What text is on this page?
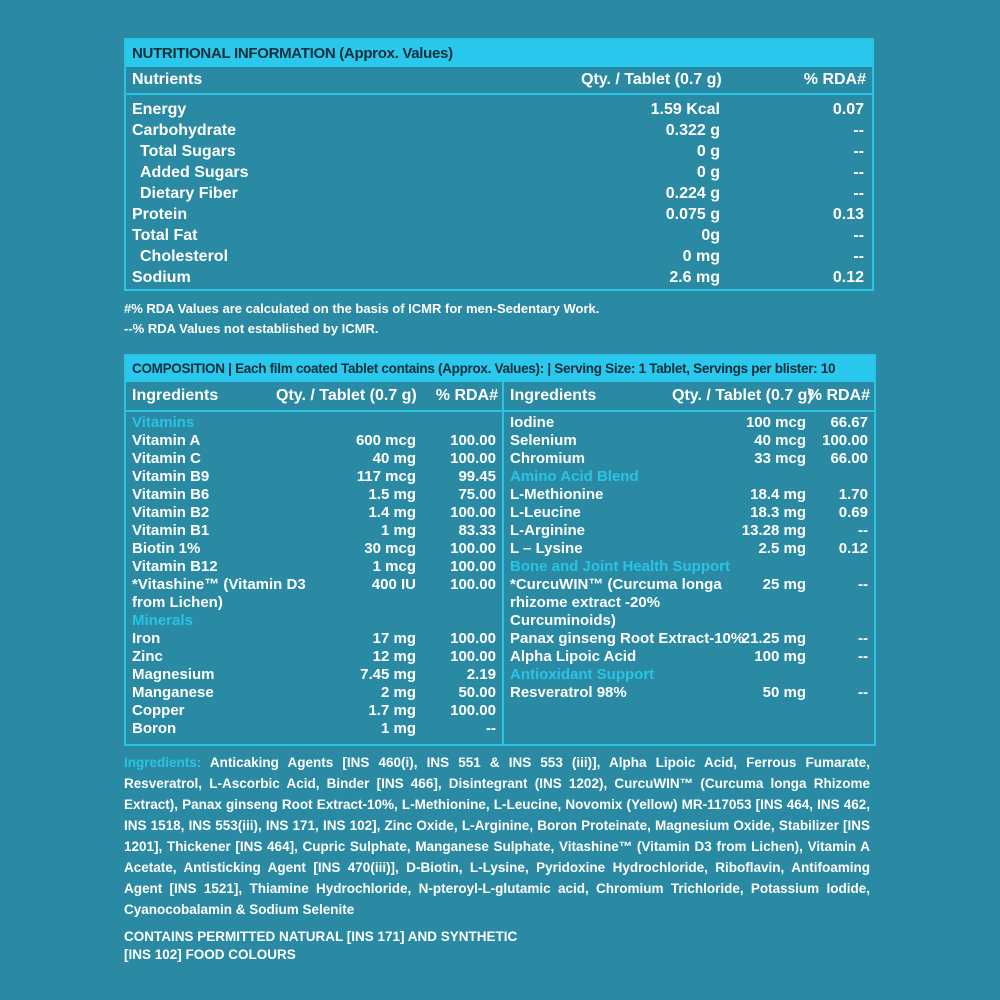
NUTRITIONAL INFORMATION (Approx. Values)
Nutrients	Qty. / Tablet (0.7 g)	% RDA#
Energy	1.59 Kcal	0.07
Carbohydrate	0.322 g	--
Total Sugars	0 g	--
Added Sugars	0 g	--
Dietary Fiber	0.224 g	--
Protein	0.075 g	0.13
Total Fat	0g	--
Cholesterol	0 mg	--
Sodium	2.6 mg	0.12
#% RDA Values are calculated on the basis of ICMR for men-Sedentary Work.
--% RDA Values not established by ICMR.
COMPOSITION | Each film coated Tablet contains (Approx. Values): | Serving Size: 1 Tablet, Servings per blister: 10
Ingredients	Qty. / Tablet (0.7 g) % RDA#
Vitamins
Vitamin A	600 mcg 100.00
Vitamin C	40 mg 100.00
Vitamin B9	117 mcg	99.45
Vitamin B6	1.5 mg	75.00
Vitamin B2	1.4 mg 100.00
Vitamin B1	1 mg	83.33
Biotin 1%	30 mcg 100.00
Vitamin B12	1 mcg 100.00
*Vitashine™ (Vitamin D3 from Lichen)
400 IU 100.00
Minerals
Iron	17 mg 100.00
Zinc	12 mg 100.00
Magnesium	7.45 mg	2.19
Manganese	2 mg	50.00
Copper	1.7 mg 100.00
Boron	1 mg	--
Ingredients	Qty. / Tablet (0.7 g)
% RDA#
Iodine	100 mcg 66.67
Selenium	40 mcg 100.00
Chromium	33 mcg 66.00
Amino Acid Blend
L-Methionine	18.4 mg 1.70
L-Leucine	18.3 mg 0.69
L-Arginine	13.28 mg	--
L – Lysine	2.5 mg 0.12
Bone and Joint Health Support
*CurcuWIN™ (Curcuma longa rhizome extract -20% Curcuminoids)
25 mg	--
Panax ginseng Root Extract-10%
21.25 mg	--
Alpha Lipoic Acid	100 mg	--
Antioxidant Support
Resveratrol 98%	50 mg	--
Ingredients: Anticaking Agents [INS 460(i), INS 551 & INS 553 (iii)], Alpha Lipoic Acid, Ferrous Fumarate, Resveratrol, L-Ascorbic Acid, Binder [INS 466], Disintegrant (INS 1202), CurcuWIN™ (Curcuma longa Rhizome Extract), Panax ginseng Root Extract-10%, L-Methionine, L-Leucine, Novomix (Yellow) MR-117053 [INS 464, INS 462, INS 1518, INS 553(iii), INS 171, INS 102], Zinc Oxide, L-Arginine, Boron Proteinate, Magnesium Oxide, Stabilizer [INS 1201], Thickener [INS 464], Cupric Sulphate, Manganese Sulphate, Vitashine™ (Vitamin D3 from Lichen), Vitamin A Acetate, Antisticking Agent [INS 470(iii)], D-Biotin, L-Lysine, Pyridoxine Hydrochloride, Riboflavin, Antifoaming Agent [INS 1521], Thiamine Hydrochloride, N-pteroyl-L-glutamic acid, Chromium Trichloride, Potassium Iodide, Cyanocobalamin & Sodium Selenite
CONTAINS PERMITTED NATURAL [INS 171] AND SYNTHETIC
[INS 102] FOOD COLOURS
